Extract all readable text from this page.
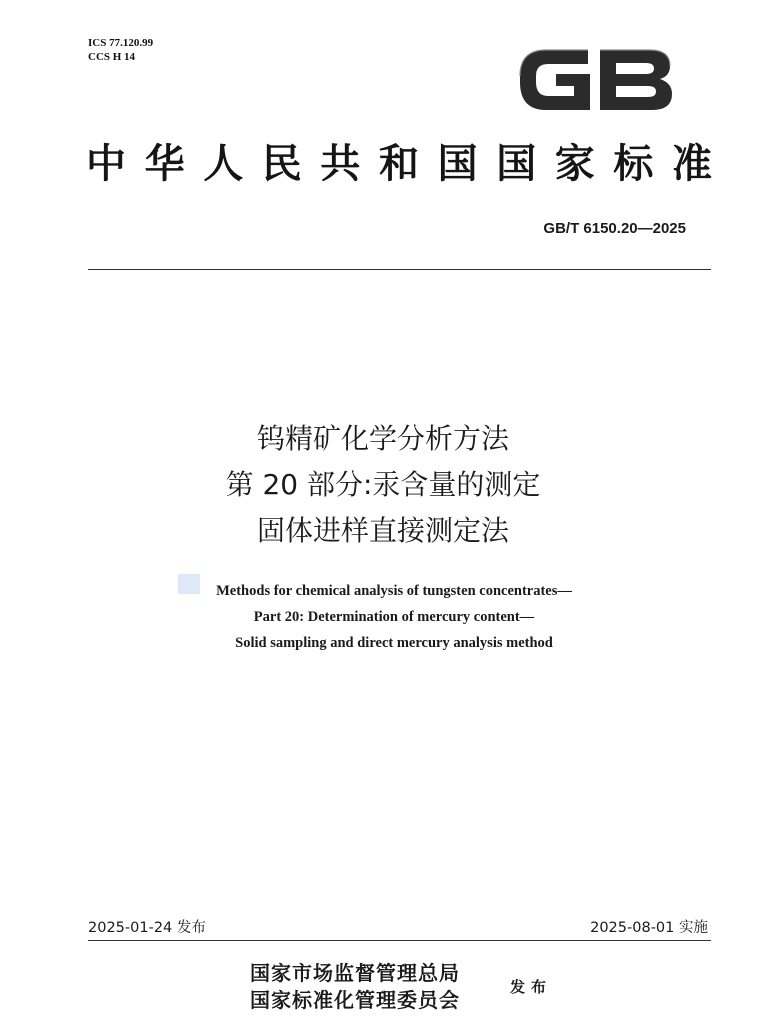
ICS 77.120.99
CCS H 14
中华人民共和国国家标准
GB/T 6150.20—2025
钨精矿化学分析方法
第 20 部分:汞含量的测定
固体进样直接测定法
Methods for chemical analysis of tungsten concentrates—
Part 20: Determination of mercury content—
Solid sampling and direct mercury analysis method
2025-01-24 发布	2025-08-01 实施
国家市场监督管理总局
国家标准化管理委员会
发布
